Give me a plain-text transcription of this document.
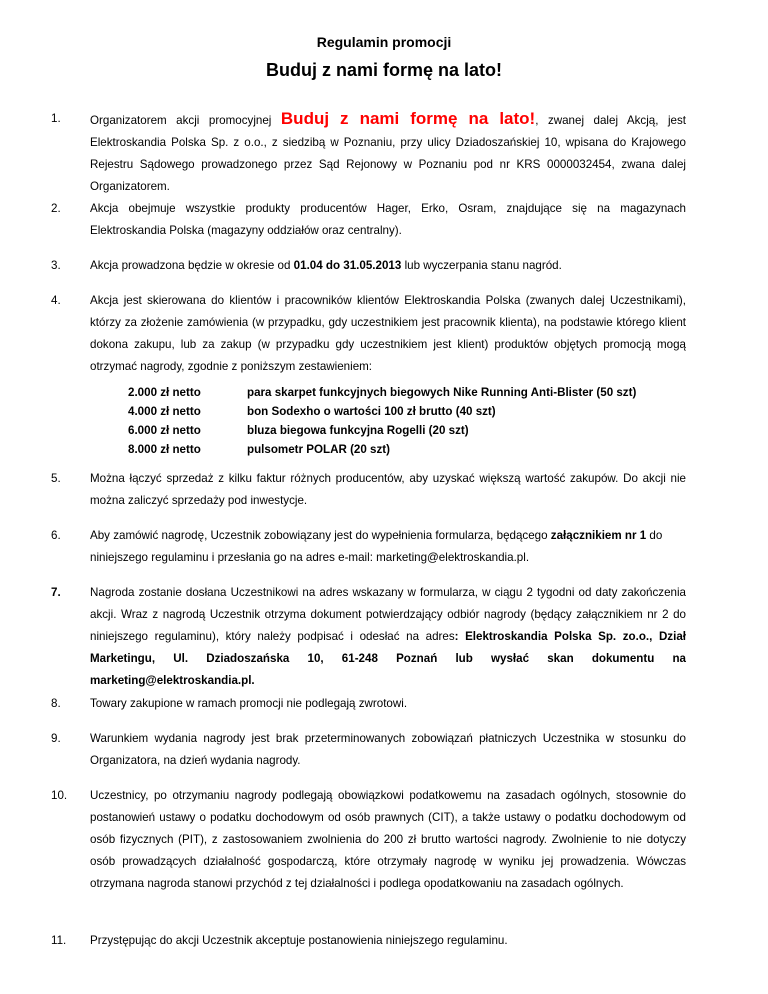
Regulamin promocji
Buduj z nami formę na lato!
1.	Organizatorem akcji promocyjnej Buduj z nami formę na lato!, zwanej dalej Akcją, jest Elektroskandia Polska Sp. z o.o., z siedzibą w Poznaniu, przy ulicy Dziadoszańskiej 10, wpisana do Krajowego Rejestru Sądowego prowadzonego przez Sąd Rejonowy w Poznaniu pod nr KRS 0000032454, zwana dalej Organizatorem.
2.	Akcja obejmuje wszystkie produkty producentów Hager, Erko, Osram, znajdujące się na magazynach Elektroskandia Polska (magazyny oddziałów oraz centralny).
3.	Akcja prowadzona będzie w okresie od 01.04 do 31.05.2013 lub wyczerpania stanu nagród.
4.	Akcja jest skierowana do klientów i pracowników klientów Elektroskandia Polska (zwanych dalej Uczestnikami), którzy za złożenie zamówienia (w przypadku, gdy uczestnikiem jest pracownik klienta), na podstawie którego klient dokona zakupu, lub za zakup (w przypadku gdy uczestnikiem jest klient) produktów objętych promocją mogą otrzymać nagrody, zgodnie z poniższym zestawieniem:
2.000 zł netto	para skarpet funkcyjnych biegowych Nike Running Anti-Blister (50 szt)
4.000 zł netto	bon Sodexho o wartości 100 zł brutto (40 szt)
6.000 zł netto	bluza biegowa funkcyjna Rogelli (20 szt)
8.000 zł netto	pulsometr POLAR (20 szt)
5.	Można łączyć sprzedaż z kilku faktur różnych producentów, aby uzyskać większą wartość zakupów. Do akcji nie można zaliczyć sprzedaży pod inwestycje.
6.	Aby zamówić nagrodę, Uczestnik zobowiązany jest do wypełnienia formularza, będącego załącznikiem nr 1 do niniejszego regulaminu i przesłania go na adres e-mail: marketing@elektroskandia.pl.
7.	Nagroda zostanie dosłana Uczestnikowi na adres wskazany w formularza, w ciągu 2 tygodni od daty zakończenia akcji. Wraz z nagrodą Uczestnik otrzyma dokument potwierdzający odbiór nagrody (będący załącznikiem nr 2 do niniejszego regulaminu), który należy podpisać i odesłać na adres: Elektroskandia Polska Sp. zo.o., Dział Marketingu, Ul. Dziadoszańska 10, 61-248 Poznań lub wysłać skan dokumentu na marketing@elektroskandia.pl.
8.	Towary zakupione w ramach promocji nie podlegają zwrotowi.
9.	Warunkiem wydania nagrody jest brak przeterminowanych zobowiązań płatniczych Uczestnika w stosunku do Organizatora, na dzień wydania nagrody.
10. Uczestnicy, po otrzymaniu nagrody podlegają obowiązkowi podatkowemu na zasadach ogólnych, stosownie do postanowień ustawy o podatku dochodowym od osób prawnych (CIT), a także ustawy o podatku dochodowym od osób fizycznych (PIT), z zastosowaniem zwolnienia do 200 zł brutto wartości nagrody. Zwolnienie to nie dotyczy osób prowadzących działalność gospodarczą, które otrzymały nagrodę w wyniku jej prowadzenia. Wówczas otrzymana nagroda stanowi przychód z tej działalności i podlega opodatkowaniu na zasadach ogólnych.
11. Przystępując do akcji Uczestnik akceptuje postanowienia niniejszego regulaminu.
